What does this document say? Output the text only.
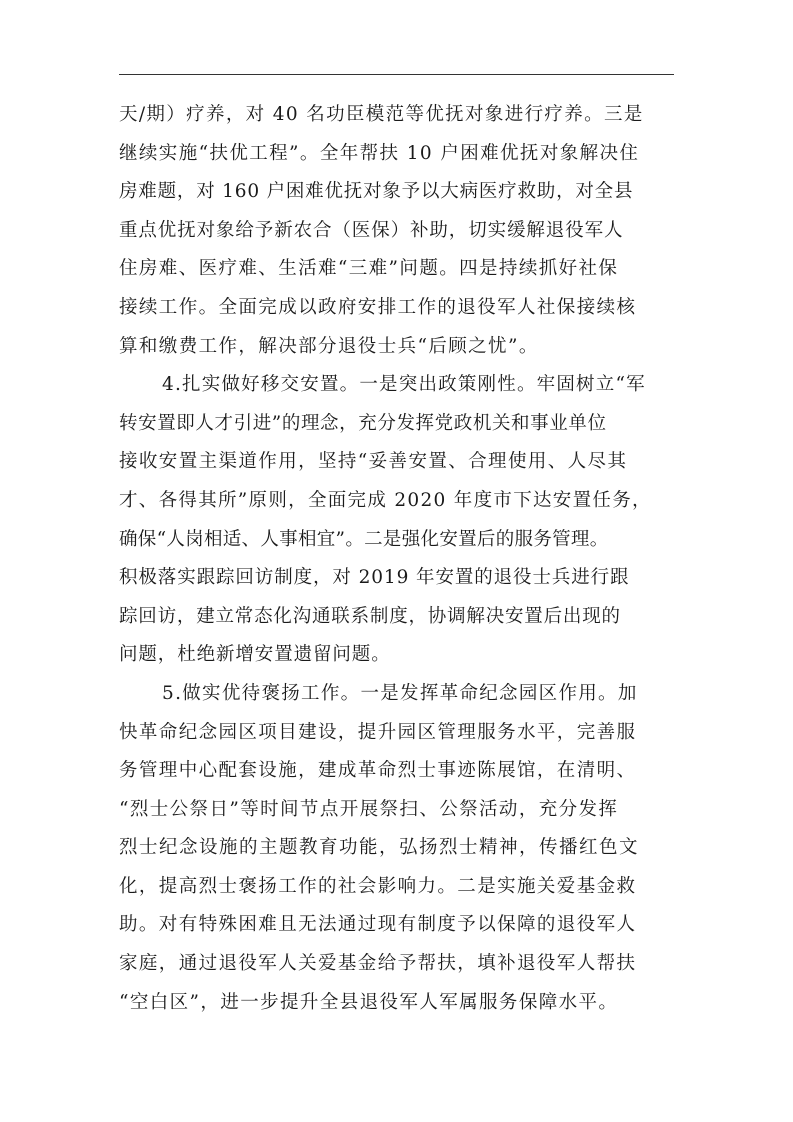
天/期）疗养，对 40 名功臣模范等优抚对象进行疗养。三是
继续实施“扶优工程”。全年帮扶 10 户困难优抚对象解决住
房难题，对 160 户困难优抚对象予以大病医疗救助，对全县
重点优抚对象给予新农合（医保）补助，切实缓解退役军人
住房难、医疗难、生活难“三难”问题。四是持续抓好社保
接续工作。全面完成以政府安排工作的退役军人社保接续核
算和缴费工作，解决部分退役士兵“后顾之忧”。
4.扎实做好移交安置。一是突出政策刚性。牢固树立“军
转安置即人才引进”的理念，充分发挥党政机关和事业单位
接收安置主渠道作用，坚持“妥善安置、合理使用、人尽其
才、各得其所”原则，全面完成 2020 年度市下达安置任务，
确保“人岗相适、人事相宜”。二是强化安置后的服务管理。
积极落实跟踪回访制度，对 2019 年安置的退役士兵进行跟
踪回访，建立常态化沟通联系制度，协调解决安置后出现的
问题，杜绝新增安置遗留问题。
5.做实优待褒扬工作。一是发挥革命纪念园区作用。加
快革命纪念园区项目建设，提升园区管理服务水平，完善服
务管理中心配套设施，建成革命烈士事迹陈展馆，在清明、
“烈士公祭日”等时间节点开展祭扫、公祭活动，充分发挥
烈士纪念设施的主题教育功能，弘扬烈士精神，传播红色文
化，提高烈士褒扬工作的社会影响力。二是实施关爱基金救
助。对有特殊困难且无法通过现有制度予以保障的退役军人
家庭，通过退役军人关爱基金给予帮扶，填补退役军人帮扶
“空白区”，进一步提升全县退役军人军属服务保障水平。
